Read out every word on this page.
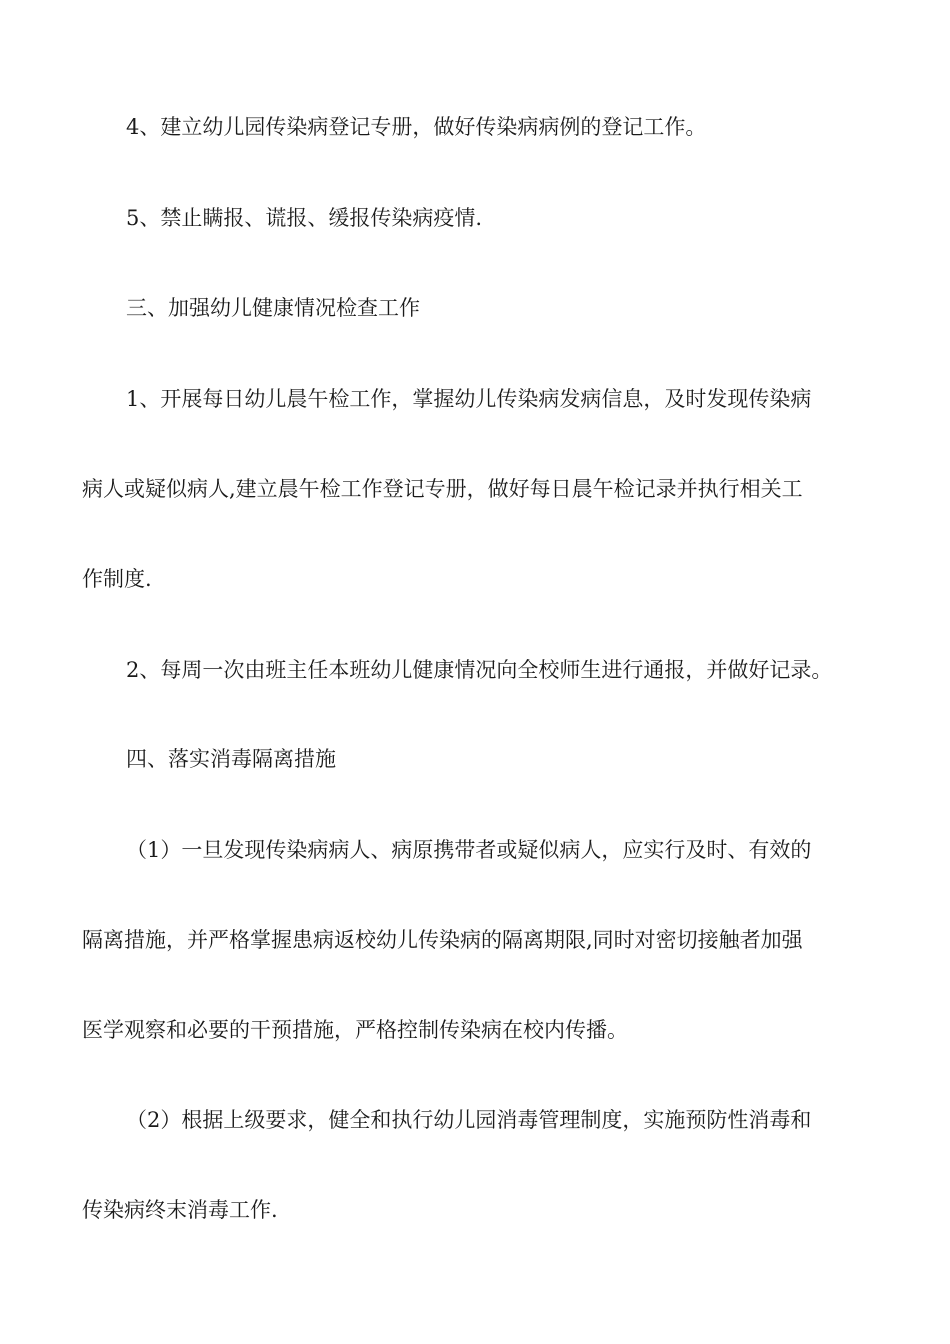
4、建立幼儿园传染病登记专册，做好传染病病例的登记工作。

5、禁止瞒报、谎报、缓报传染病疫情.

三、加强幼儿健康情况检查工作

1、开展每日幼儿晨午检工作，掌握幼儿传染病发病信息，及时发现传染病

病人或疑似病人,建立晨午检工作登记专册，做好每日晨午检记录并执行相关工

作制度.

2、每周一次由班主任本班幼儿健康情况向全校师生进行通报，并做好记录。

四、落实消毒隔离措施

（1）一旦发现传染病病人、病原携带者或疑似病人，应实行及时、有效的

隔离措施，并严格掌握患病返校幼儿传染病的隔离期限,同时对密切接触者加强

医学观察和必要的干预措施，严格控制传染病在校内传播。

（2）根据上级要求，健全和执行幼儿园消毒管理制度，实施预防性消毒和

传染病终末消毒工作.
